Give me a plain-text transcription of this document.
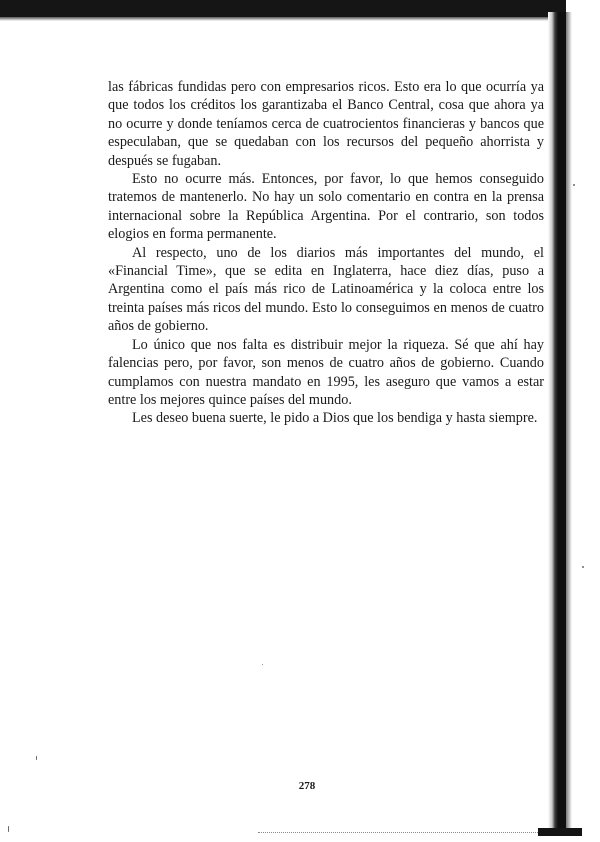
las fábricas fundidas pero con empresarios ricos. Esto era lo que ocurría ya que todos los créditos los garantizaba el Banco Central, cosa que ahora ya no ocurre y donde teníamos cerca de cuatrocientos financieras y bancos que especulaban, que se quedaban con los recursos del pequeño ahorrista y después se fugaban.

Esto no ocurre más. Entonces, por favor, lo que hemos conseguido tratemos de mantenerlo. No hay un solo comentario en contra en la prensa internacional sobre la República Argentina. Por el contrario, son todos elogios en forma permanente.

Al respecto, uno de los diarios más importantes del mundo, el «Financial Time», que se edita en Inglaterra, hace diez días, puso a Argentina como el país más rico de Latinoamérica y la coloca entre los treinta países más ricos del mundo. Esto lo conseguimos en menos de cuatro años de gobierno.

Lo único que nos falta es distribuir mejor la riqueza. Sé que ahí hay falencias pero, por favor, son menos de cuatro años de gobierno. Cuando cumplamos con nuestra mandato en 1995, les aseguro que vamos a estar entre los mejores quince países del mundo.

Les deseo buena suerte, le pido a Dios que los bendiga y hasta siempre.

278
